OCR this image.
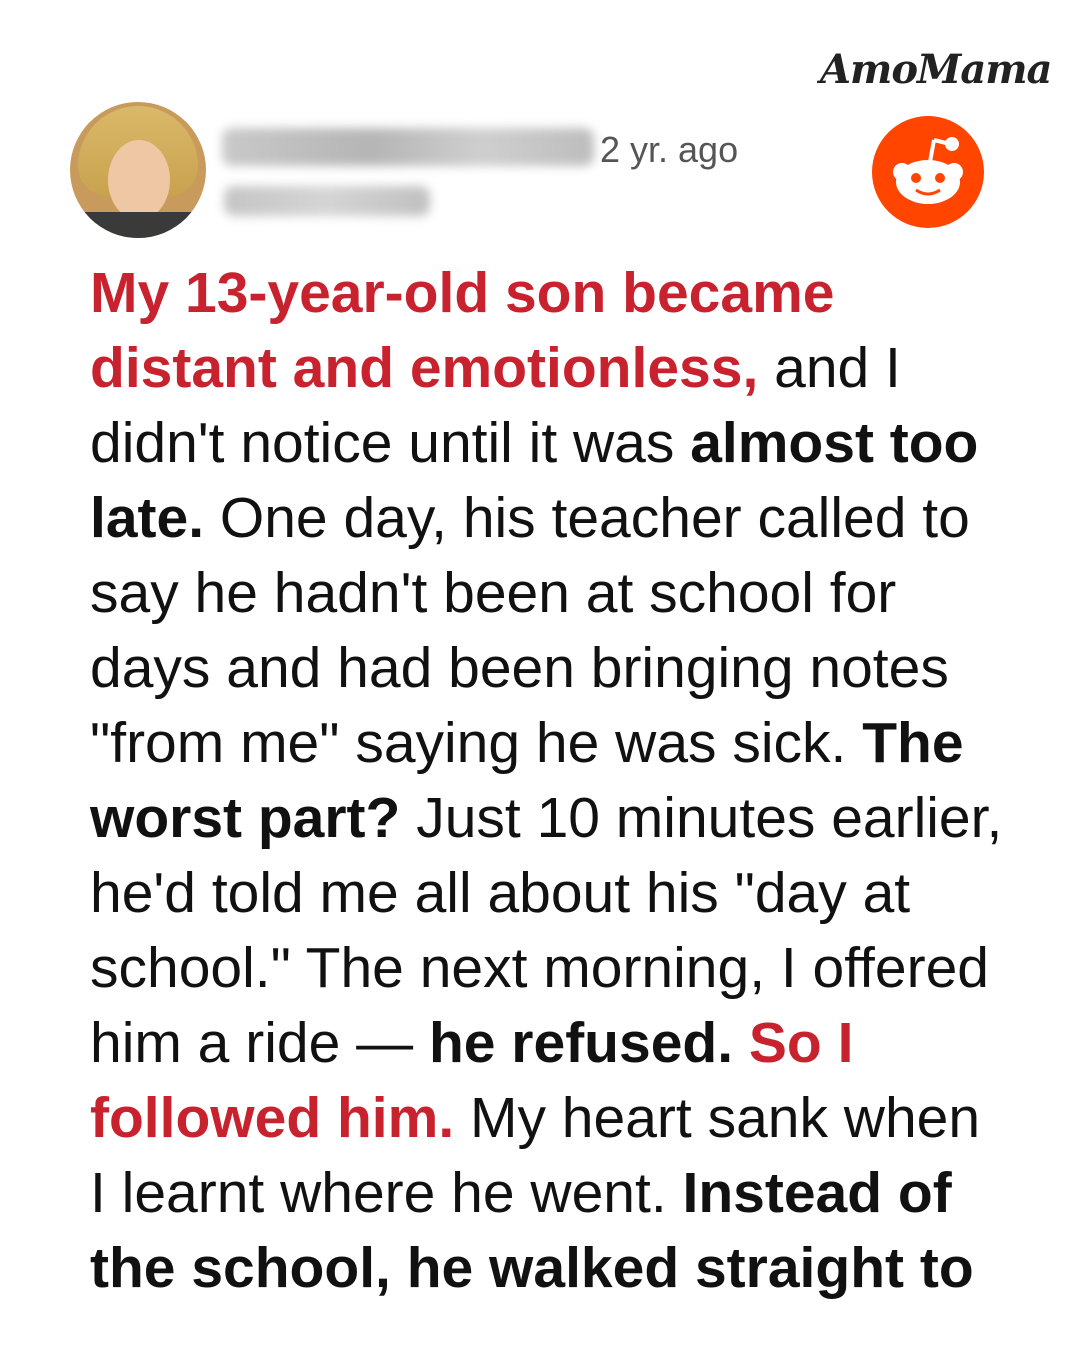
AmoMama
2 yr. ago

My 13-year-old son became distant and emotionless, and I didn't notice until it was almost too late. One day, his teacher called to say he hadn't been at school for days and had been bringing notes "from me" saying he was sick. The worst part? Just 10 minutes earlier, he'd told me all about his "day at school." The next morning, I offered him a ride — he refused. So I followed him. My heart sank when I learnt where he went. Instead of the school, he walked straight to
